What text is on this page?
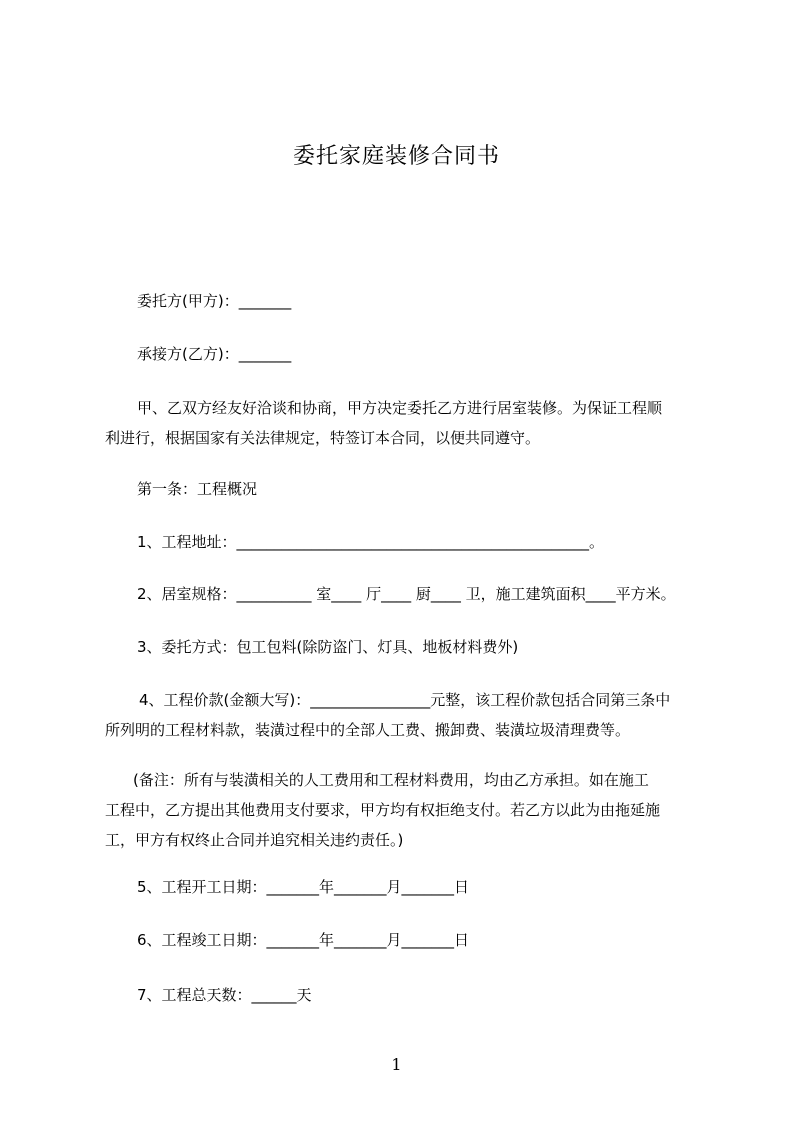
委托家庭装修合同书
委托方(甲方)：_______
承接方(乙方)：_______
甲、乙双方经友好洽谈和协商，甲方决定委托乙方进行居室装修。为保证工程顺
利进行，根据国家有关法律规定，特签订本合同，以便共同遵守。
第一条：工程概况
1、工程地址：_______________________________________________。
2、居室规格：__________ 室____ 厅____ 厨____ 卫，施工建筑面积____平方米。
3、委托方式：包工包料(除防盗门、灯具、地板材料费外)
4、工程价款(金额大写)：________________元整，该工程价款包括合同第三条中
所列明的工程材料款，装潢过程中的全部人工费、搬卸费、装潢垃圾清理费等。
(备注：所有与装潢相关的人工费用和工程材料费用，均由乙方承担。如在施工
工程中，乙方提出其他费用支付要求，甲方均有权拒绝支付。若乙方以此为由拖延施
工，甲方有权终止合同并追究相关违约责任。)
5、工程开工日期：_______年_______月_______日
6、工程竣工日期：_______年_______月_______日
7、工程总天数：______天
1
